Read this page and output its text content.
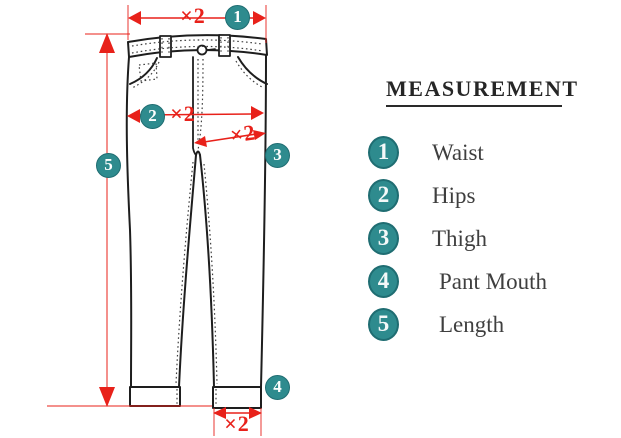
×2
×2
×2
×2
1
2
3
4
5
MEASUREMENT
1	Waist
2	Hips
3	Thigh
4	Pant Mouth
5	Length
